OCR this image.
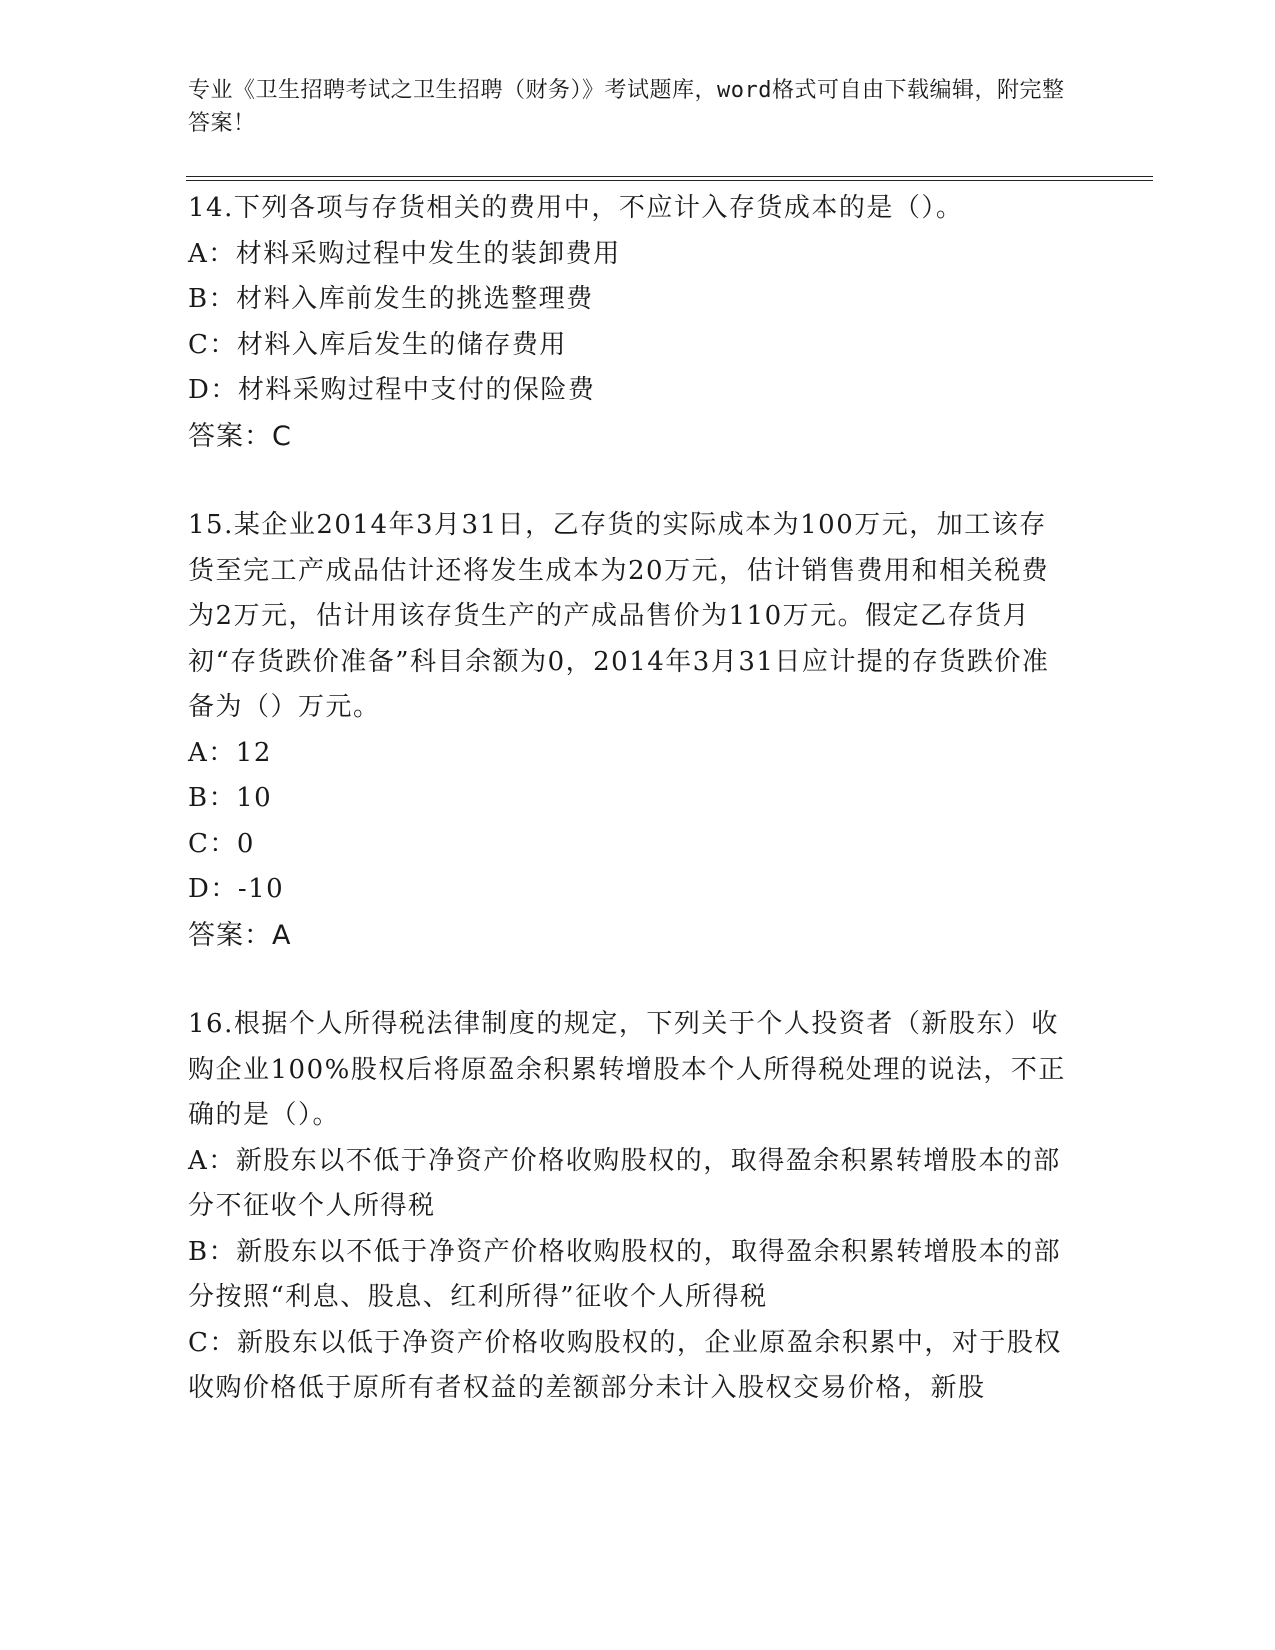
专业《卫生招聘考试之卫生招聘（财务）》考试题库，word格式可自由下载编辑，附完整答案！

14.下列各项与存货相关的费用中，不应计入存货成本的是（）。

A：材料采购过程中发生的装卸费用

B：材料入库前发生的挑选整理费

C：材料入库后发生的储存费用

D：材料采购过程中支付的保险费

答案：C

15.某企业2014年3月31日，乙存货的实际成本为100万元，加工该存货至完工产成品估计还将发生成本为20万元，估计销售费用和相关税费为2万元，估计用该存货生产的产成品售价为110万元。假定乙存货月初“存货跌价准备”科目余额为0，2014年3月31日应计提的存货跌价准备为（）万元。

A：12

B：10

C：0

D：-10

答案：A

16.根据个人所得税法律制度的规定，下列关于个人投资者（新股东）收购企业100%股权后将原盈余积累转增股本个人所得税处理的说法，不正确的是（）。

A：新股东以不低于净资产价格收购股权的，取得盈余积累转增股本的部分不征收个人所得税

B：新股东以不低于净资产价格收购股权的，取得盈余积累转增股本的部分按照“利息、股息、红利所得”征收个人所得税

C：新股东以低于净资产价格收购股权的，企业原盈余积累中，对于股权收购价格低于原所有者权益的差额部分未计入股权交易价格，新股
